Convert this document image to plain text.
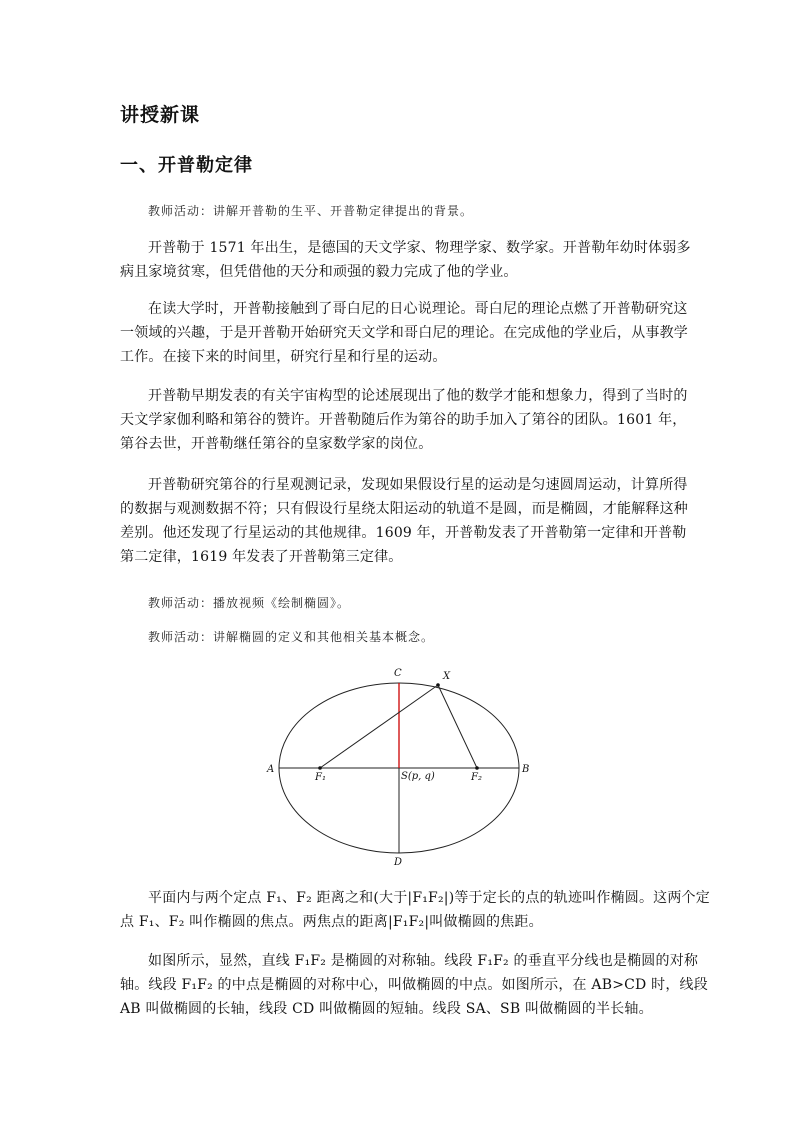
讲授新课
一、开普勒定律
教师活动：讲解开普勒的生平、开普勒定律提出的背景。
开普勒于 1571 年出生，是德国的天文学家、物理学家、数学家。开普勒年幼时体弱多
病且家境贫寒，但凭借他的天分和顽强的毅力完成了他的学业。
在读大学时，开普勒接触到了哥白尼的日心说理论。哥白尼的理论点燃了开普勒研究这
一领域的兴趣，于是开普勒开始研究天文学和哥白尼的理论。在完成他的学业后，从事教学
工作。在接下来的时间里，研究行星和行星的运动。
开普勒早期发表的有关宇宙构型的论述展现出了他的数学才能和想象力，得到了当时的
天文学家伽利略和第谷的赞许。开普勒随后作为第谷的助手加入了第谷的团队。1601 年，
第谷去世，开普勒继任第谷的皇家数学家的岗位。
开普勒研究第谷的行星观测记录，发现如果假设行星的运动是匀速圆周运动，计算所得
的数据与观测数据不符；只有假设行星绕太阳运动的轨道不是圆，而是椭圆，才能解释这种
差别。他还发现了行星运动的其他规律。1609 年，开普勒发表了开普勒第一定律和开普勒
第二定律，1619 年发表了开普勒第三定律。
教师活动：播放视频《绘制椭圆》。
教师活动：讲解椭圆的定义和其他相关基本概念。
A	B
C
D
X
F₁	F₂
S(p, q)
平面内与两个定点 F₁、F₂ 距离之和(大于|F₁F₂|)等于定长的点的轨迹叫作椭圆。这两个定
点 F₁、F₂ 叫作椭圆的焦点。两焦点的距离|F₁F₂|叫做椭圆的焦距。
如图所示，显然，直线 F₁F₂ 是椭圆的对称轴。线段 F₁F₂ 的垂直平分线也是椭圆的对称
轴。线段 F₁F₂ 的中点是椭圆的对称中心，叫做椭圆的中点。如图所示，在 AB>CD 时，线段
AB 叫做椭圆的长轴，线段 CD 叫做椭圆的短轴。线段 SA、SB 叫做椭圆的半长轴。
